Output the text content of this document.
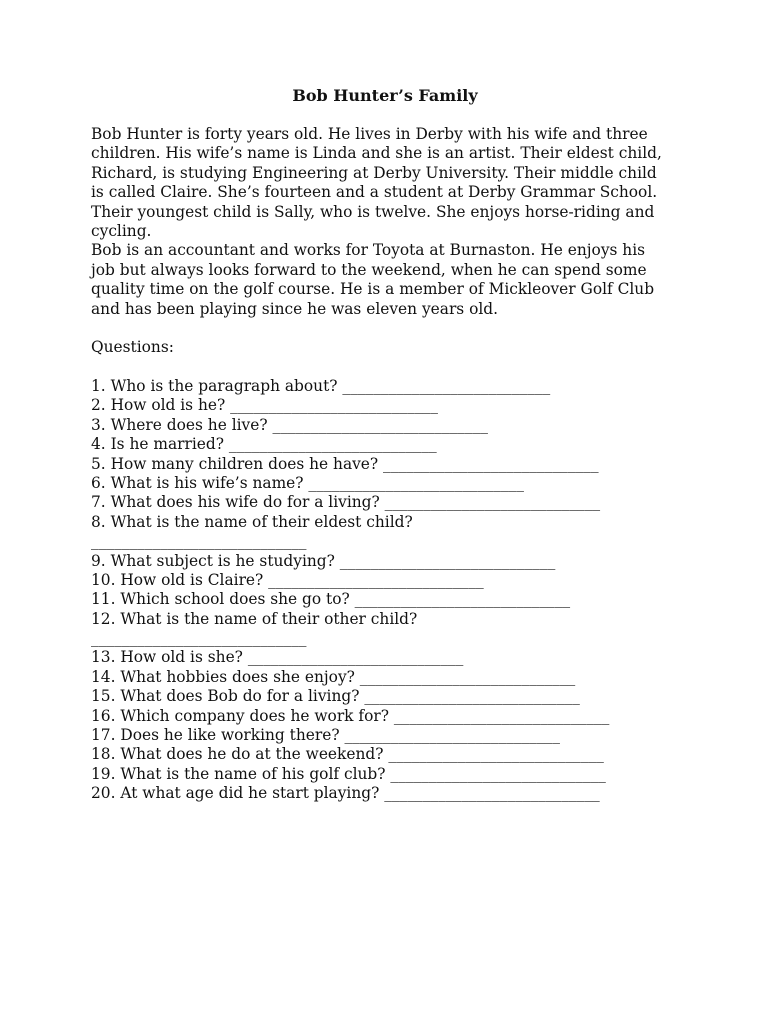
Bob Hunter’s Family
Bob Hunter is forty years old. He lives in Derby with his wife and three
children. His wife’s name is Linda and she is an artist. Their eldest child,
Richard, is studying Engineering at Derby University. Their middle child
is called Claire. She’s fourteen and a student at Derby Grammar School.
Their youngest child is Sally, who is twelve. She enjoys horse-riding and
cycling.
Bob is an accountant and works for Toyota at Burnaston. He enjoys his
job but always looks forward to the weekend, when he can spend some
quality time on the golf course. He is a member of Mickleover Golf Club
and has been playing since he was eleven years old.
Questions:
1. Who is the paragraph about? ___________________________
2. How old is he? ___________________________
3. Where does he live? ____________________________
4. Is he married? ___________________________
5. How many children does he have? ____________________________
6. What is his wife’s name? ____________________________
7. What does his wife do for a living? ____________________________
8. What is the name of their eldest child?
____________________________
9. What subject is he studying? ____________________________
10. How old is Claire? ____________________________
11. Which school does she go to? ____________________________
12. What is the name of their other child?
____________________________
13. How old is she? ____________________________
14. What hobbies does she enjoy? ____________________________
15. What does Bob do for a living? ____________________________
16. Which company does he work for? ____________________________
17. Does he like working there? ____________________________
18. What does he do at the weekend? ____________________________
19. What is the name of his golf club? ____________________________
20. At what age did he start playing? ____________________________
